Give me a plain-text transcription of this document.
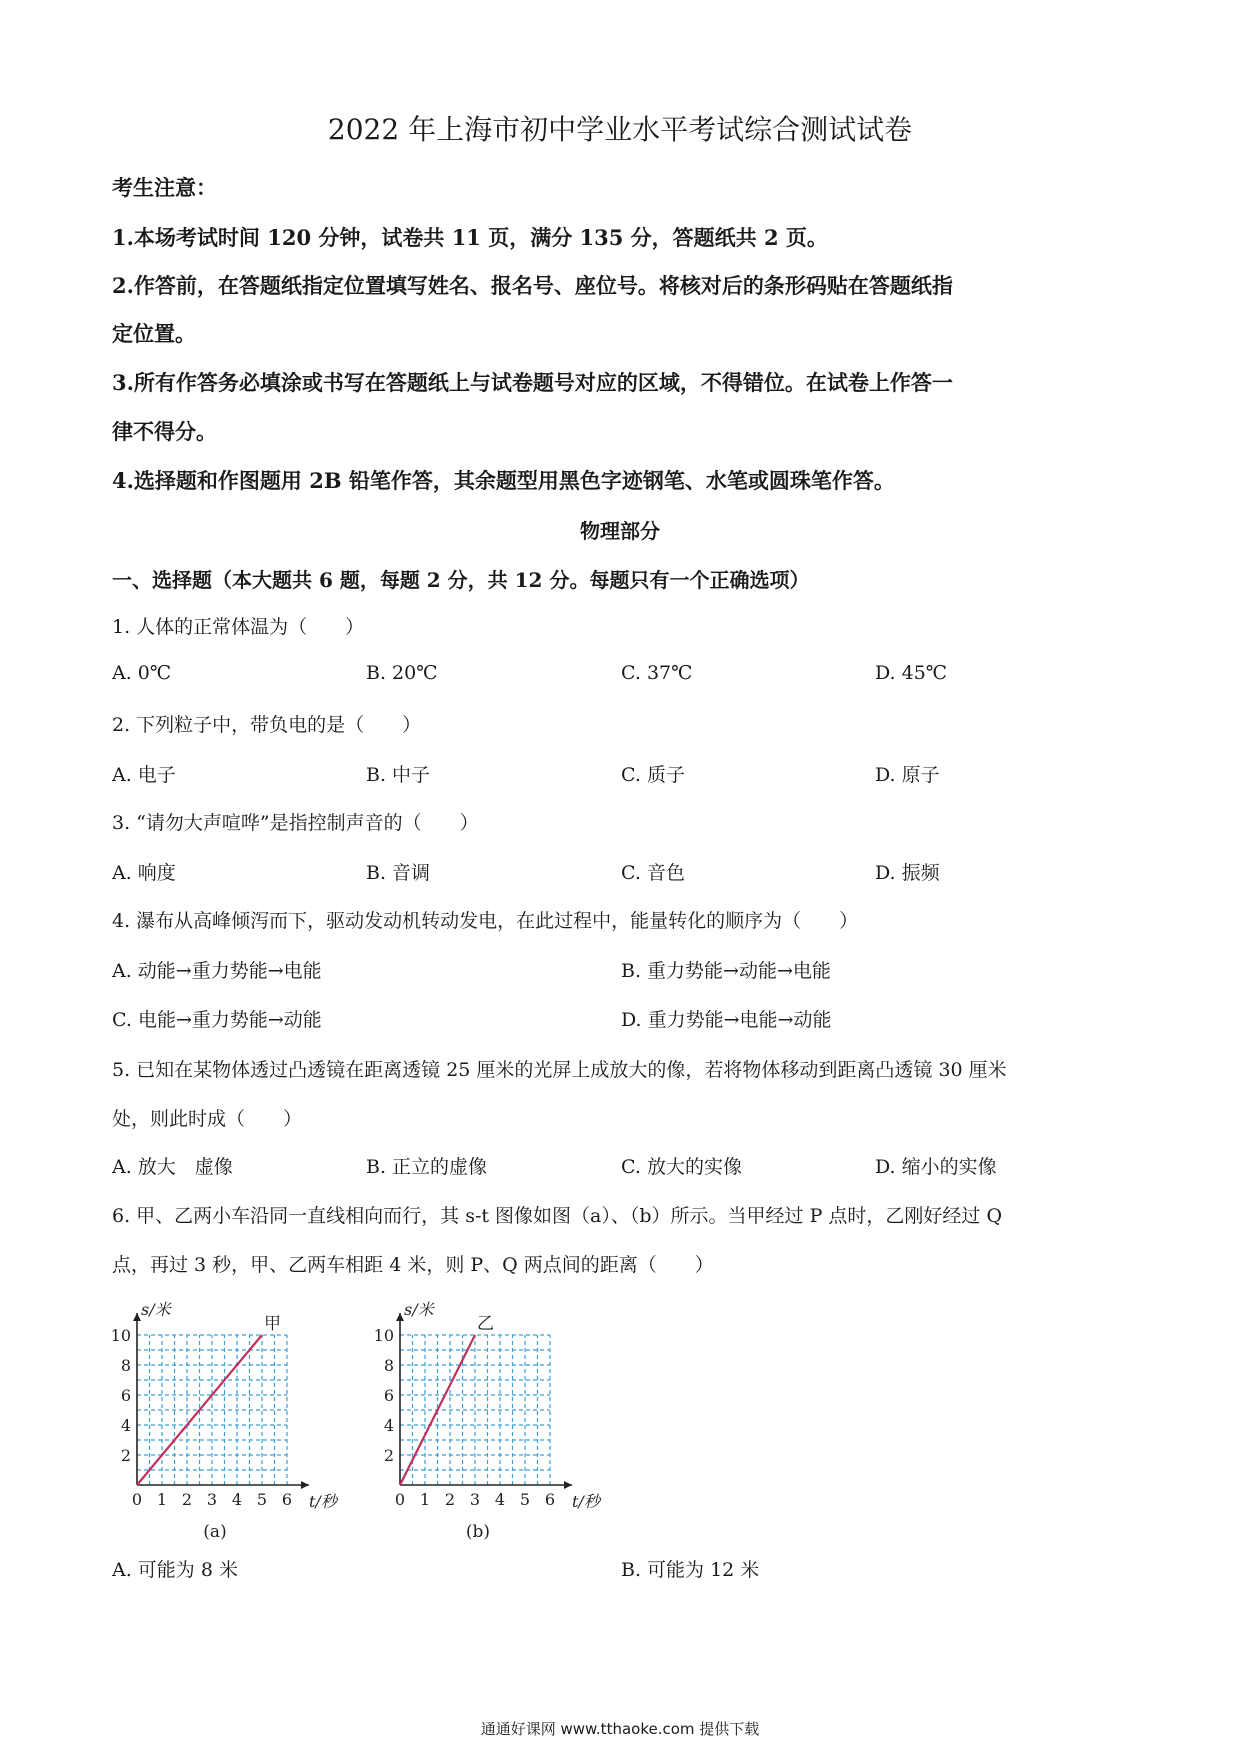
2022 年上海市初中学业水平考试综合测试试卷
考生注意：
1.本场考试时间 120 分钟，试卷共 11 页，满分 135 分，答题纸共 2 页。
2.作答前，在答题纸指定位置填写姓名、报名号、座位号。将核对后的条形码贴在答题纸指
定位置。
3.所有作答务必填涂或书写在答题纸上与试卷题号对应的区域，不得错位。在试卷上作答一
律不得分。
4.选择题和作图题用 2B 铅笔作答，其余题型用黑色字迹钢笔、水笔或圆珠笔作答。
物理部分
一、选择题（本大题共 6 题，每题 2 分，共 12 分。每题只有一个正确选项）
1. 人体的正常体温为（　　）
A. 0℃	B. 20℃	C. 37℃	D. 45℃
2. 下列粒子中，带负电的是（　　）
A. 电子	B. 中子	C. 质子	D. 原子
3. “请勿大声喧哗”是指控制声音的（　　）
A. 响度	B. 音调	C. 音色	D. 振频
4. 瀑布从高峰倾泻而下，驱动发动机转动发电，在此过程中，能量转化的顺序为（　　）
A. 动能→重力势能→电能	B. 重力势能→动能→电能
C. 电能→重力势能→动能	D. 重力势能→电能→动能
5. 已知在某物体透过凸透镜在距离透镜 25 厘米的光屏上成放大的像，若将物体移动到距离凸透镜 30 厘米
处，则此时成（　　）
A. 放大　虚像	B. 正立的虚像	C. 放大的实像	D. 缩小的实像
6. 甲、乙两小车沿同一直线相向而行，其 s-t 图像如图（a）、（b）所示。当甲经过 P 点时，乙刚好经过 Q
点，再过 3 秒，甲、乙两车相距 4 米，则 P、Q 两点间的距离（　　）
0 1 2 3 4 5 6
2
4
6
8
10
t/秒
s/米
甲
(a)
0 1 2 3 4 5 6
2
4
6
8
10
t/秒
s/米
乙
(b)
A. 可能为 8 米	B. 可能为 12 米
通通好课网 www.tthaoke.com 提供下载
